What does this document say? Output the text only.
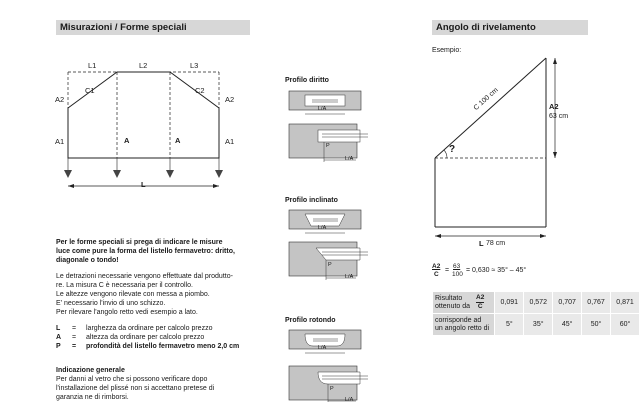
Misurazioni / Forme speciali
L1	L2	L3
C1	C2
A2	A2
A1	A1
A	A
L
Per le forme speciali si prega di indicare le misure
luce come pure la forma del listello fermavetro: dritto,
diagonale o tondo!
Le detrazioni necessarie vengono effettuate dal produtto-
re. La misura C è necessaria per il controllo.
Le altezze vengono rilevate con messa a piombo.
E' necessario l'invio di uno schizzo.
Per rilevare l'angolo retto vedi esempio a lato.
L = larghezza da ordinare per calcolo prezzo
A = altezza da ordinare per calcolo prezzo
P = profondità del listello fermavetro meno 2,0 cm
Indicazione generale
Per danni al vetro che si possono verificare dopo
l'installazione del plissé non si accettano pretese di
garanzia ne di rimborsi.
Profilo diritto
L/A
P
L/A
Profilo inclinato
L/A
P
L/A
Profilo rotondo
L/A
P
L/A
Angolo di rivelamento
Esempio:
C 100 cm	A2
63 cm
?
L 78 cm
A2
C
=
63
100
= 0,630 ≈ 35° – 45°
Risultato
ottenuto da
A2
C	0,091	0,572	0,707	0,767	0,871

corrisponde ad
un angolo retto di	5°	35°	45°	50°	60°
